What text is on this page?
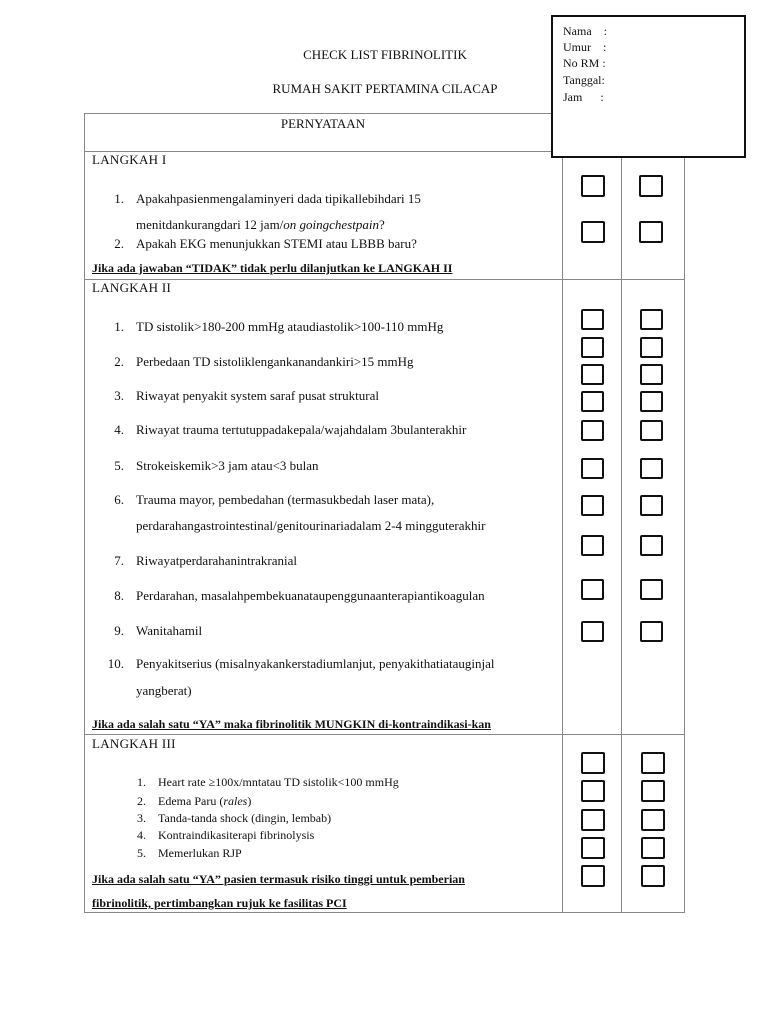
CHECK LIST FIBRINOLITIK
RUMAH SAKIT PERTAMINA CILACAP
Nama    :
Umur    :
No RM :
Tanggal:
Jam      :
PERNYATAAN
LANGKAH I
1. Apakahpasienmengalaminyeri dada tipikallebihdari 15
menitdankurangdari 12 jam/on goingchestpain?
2. Apakah EKG menunjukkan STEMI atau LBBB baru?
Jika ada jawaban “TIDAK” tidak perlu dilanjutkan ke LANGKAH II
LANGKAH II
1. TD sistolik>180-200 mmHg ataudiastolik>100-110 mmHg
2. Perbedaan TD sistoliklengankanandankiri>15 mmHg
3. Riwayat penyakit system saraf pusat struktural
4. Riwayat trauma tertutuppadakepala/wajahdalam 3bulanterakhir
5. Strokeiskemik>3 jam atau<3 bulan
6. Trauma mayor, pembedahan (termasukbedah laser mata),
perdarahangastrointestinal/genitourinariadalam 2-4 mingguterakhir
7. Riwayatperdarahanintrakranial
8. Perdarahan, masalahpembekuanataupenggunaanterapiantikoagulan
9. Wanitahamil
10. Penyakitserius (misalnyakankerstadiumlanjut, penyakithatiatauginjal
yangberat)
Jika ada salah satu “YA” maka fibrinolitik MUNGKIN di-kontraindikasi-kan
LANGKAH III
1. Heart rate ≥100x/mntatau TD sistolik<100 mmHg
2. Edema Paru (rales)
3. Tanda-tanda shock (dingin, lembab)
4. Kontraindikasiterapi fibrinolysis
5. Memerlukan RJP
Jika ada salah satu “YA” pasien termasuk risiko tinggi untuk pemberian
fibrinolitik, pertimbangkan rujuk ke fasilitas PCI
